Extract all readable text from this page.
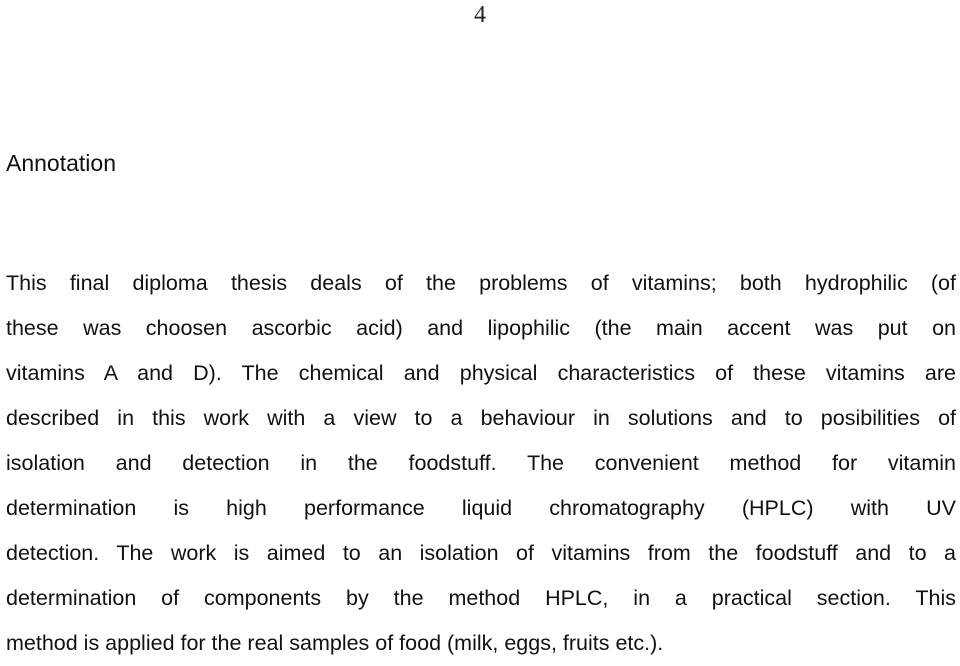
4
Annotation
This final diploma thesis deals of the problems of vitamins; both hydrophilic (of
these was choosen ascorbic acid) and lipophilic (the main accent was put on
vitamins A and D). The chemical and physical characteristics of these vitamins are
described in this work with a view to a behaviour in solutions and to posibilities of
isolation and detection in the foodstuff. The convenient method for vitamin
determination is high performance liquid chromatography (HPLC) with UV
detection. The work is aimed to an isolation of vitamins from the foodstuff and to a
determination of components by the method HPLC, in a practical section. This
method is applied for the real samples of food (milk, eggs, fruits etc.).
